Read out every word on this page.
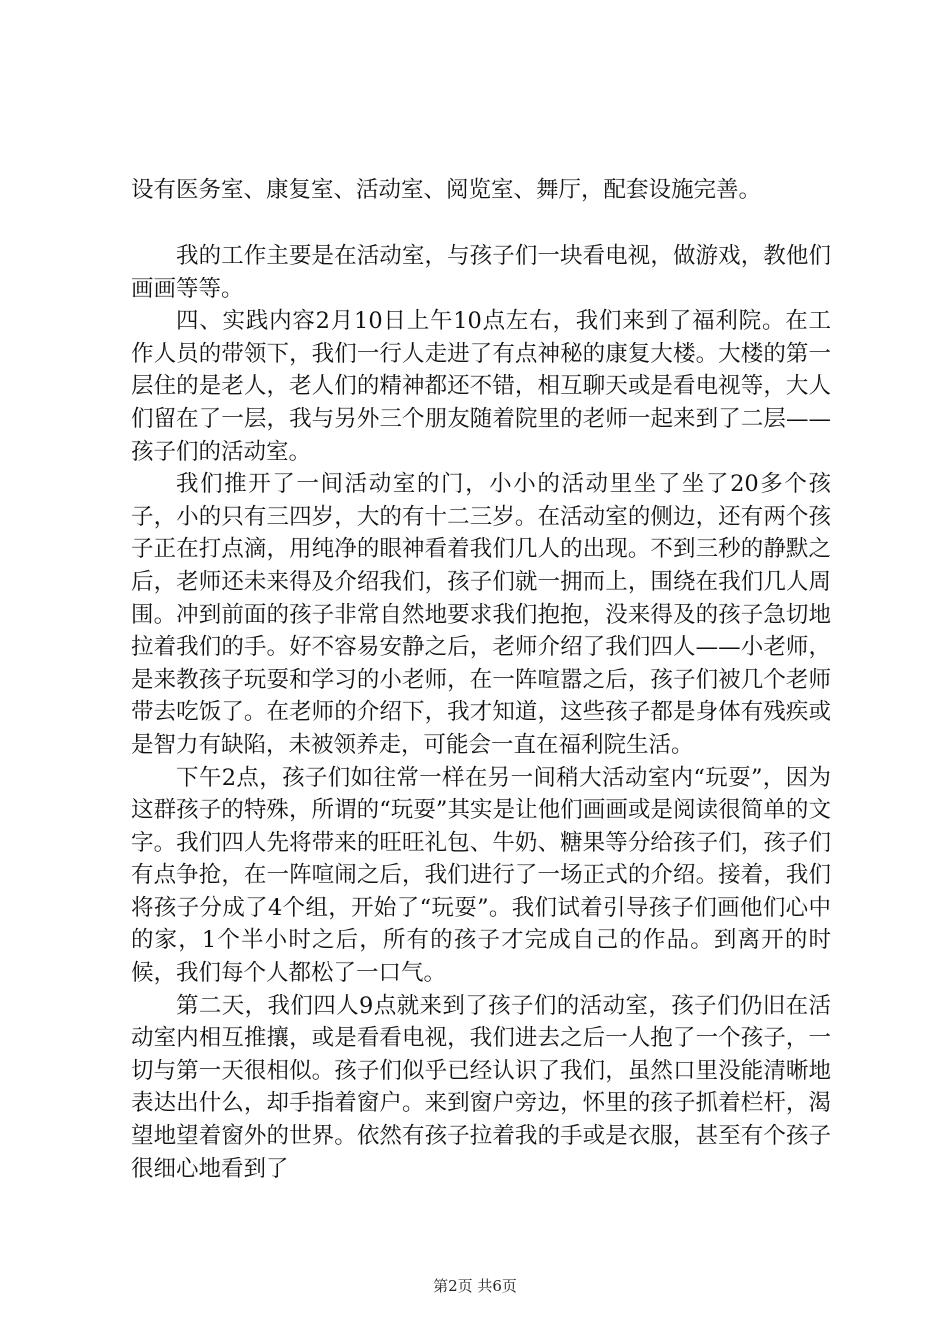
设有医务室、康复室、活动室、阅览室、舞厅，配套设施完善。

我的工作主要是在活动室，与孩子们一块看电视，做游戏，教他们画画等等。

四、实践内容2月10日上午10点左右，我们来到了福利院。在工作人员的带领下，我们一行人走进了有点神秘的康复大楼。大楼的第一层住的是老人，老人们的精神都还不错，相互聊天或是看电视等，大人们留在了一层，我与另外三个朋友随着院里的老师一起来到了二层——孩子们的活动室。

我们推开了一间活动室的门，小小的活动里坐了坐了20多个孩子，小的只有三四岁，大的有十二三岁。在活动室的侧边，还有两个孩子正在打点滴，用纯净的眼神看着我们几人的出现。不到三秒的静默之后，老师还未来得及介绍我们，孩子们就一拥而上，围绕在我们几人周围。冲到前面的孩子非常自然地要求我们抱抱，没来得及的孩子急切地拉着我们的手。好不容易安静之后，老师介绍了我们四人——小老师，是来教孩子玩耍和学习的小老师，在一阵喧嚣之后，孩子们被几个老师带去吃饭了。在老师的介绍下，我才知道，这些孩子都是身体有残疾或是智力有缺陷，未被领养走，可能会一直在福利院生活。

下午2点，孩子们如往常一样在另一间稍大活动室内“玩耍”，因为这群孩子的特殊，所谓的“玩耍”其实是让他们画画或是阅读很简单的文字。我们四人先将带来的旺旺礼包、牛奶、糖果等分给孩子们，孩子们有点争抢，在一阵喧闹之后，我们进行了一场正式的介绍。接着，我们将孩子分成了4个组，开始了“玩耍”。我们试着引导孩子们画他们心中的家，1个半小时之后，所有的孩子才完成自己的作品。到离开的时候，我们每个人都松了一口气。

第二天，我们四人9点就来到了孩子们的活动室，孩子们仍旧在活动室内相互推攘，或是看看电视，我们进去之后一人抱了一个孩子，一切与第一天很相似。孩子们似乎已经认识了我们，虽然口里没能清晰地表达出什么，却手指着窗户。来到窗户旁边，怀里的孩子抓着栏杆，渴望地望着窗外的世界。依然有孩子拉着我的手或是衣服，甚至有个孩子很细心地看到了

第2页 共6页
